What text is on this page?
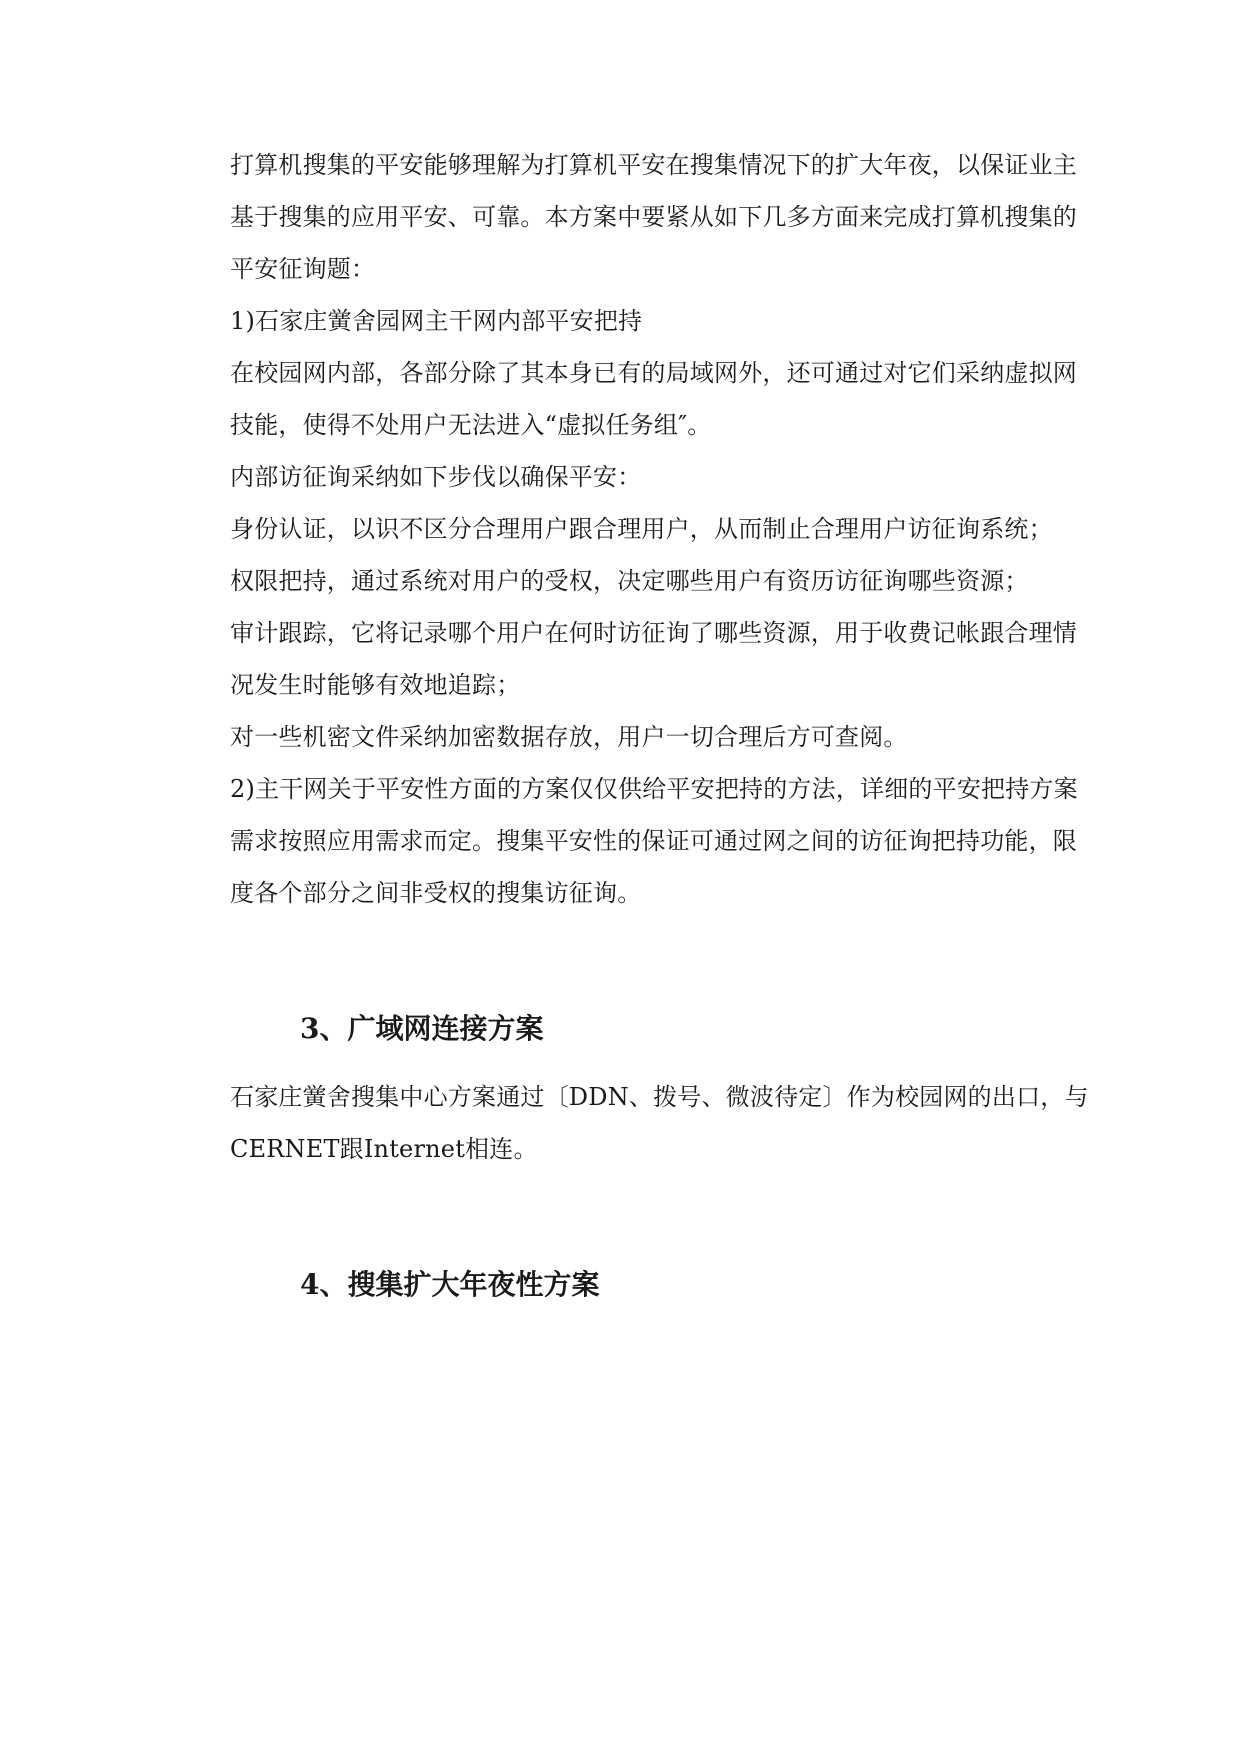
打算机搜集的平安能够理解为打算机平安在搜集情况下的扩大年夜，以保证业主
基于搜集的应用平安、可靠。本方案中要紧从如下几多方面来完成打算机搜集的
平安征询题：
1)石家庄黉舍园网主干网内部平安把持
在校园网内部，各部分除了其本身已有的局域网外，还可通过对它们采纳虚拟网
技能，使得不处用户无法进入“虚拟任务组″。
内部访征询采纳如下步伐以确保平安：
身份认证，以识不区分合理用户跟合理用户，从而制止合理用户访征询系统；
权限把持，通过系统对用户的受权，决定哪些用户有资历访征询哪些资源；
审计跟踪，它将记录哪个用户在何时访征询了哪些资源，用于收费记帐跟合理情
况发生时能够有效地追踪；
对一些机密文件采纳加密数据存放，用户一切合理后方可查阅。
2)主干网关于平安性方面的方案仅仅供给平安把持的方法，详细的平安把持方案
需求按照应用需求而定。搜集平安性的保证可通过网之间的访征询把持功能，限
度各个部分之间非受权的搜集访征询。
3、广域网连接方案
石家庄黉舍搜集中心方案通过〔DDN、拨号、微波待定〕作为校园网的出口，与
CERNET跟Internet相连。
4、搜集扩大年夜性方案
